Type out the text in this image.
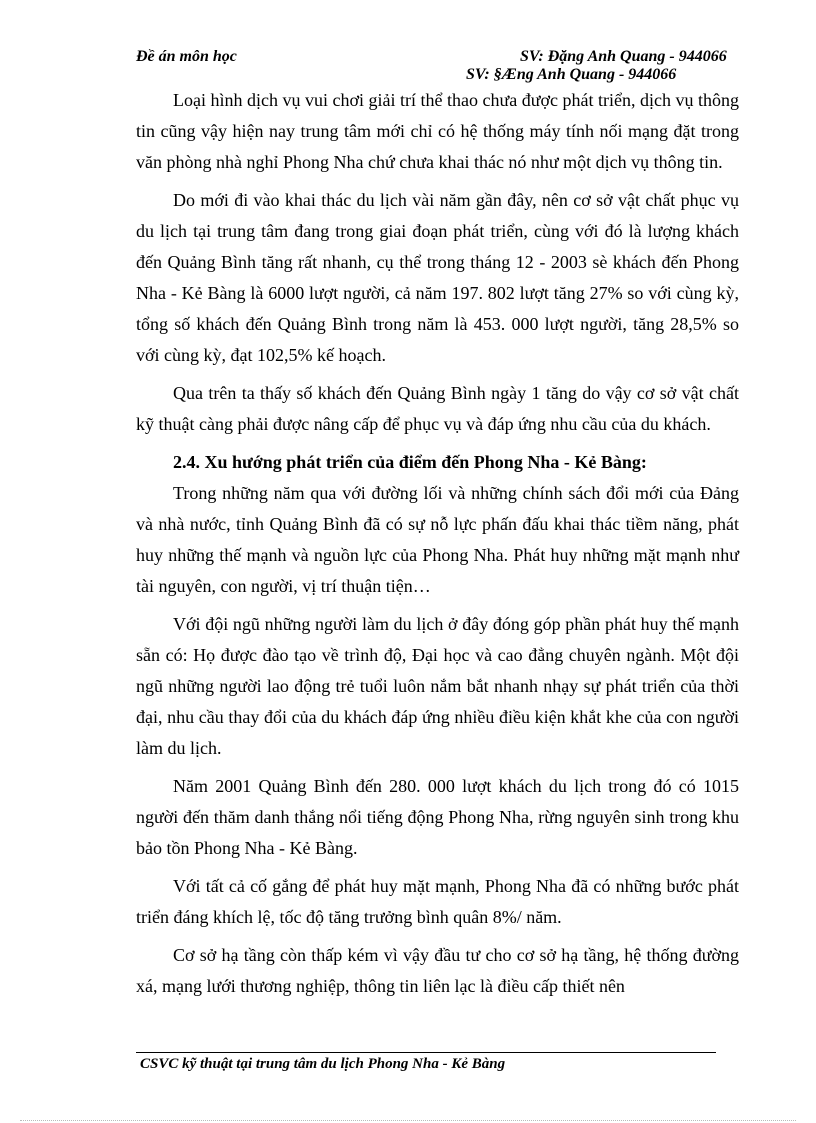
Đề án môn học	SV: Đặng Anh Quang - 944066
SV: §Æng Anh Quang - 944066

Loại hình dịch vụ vui chơi giải trí thể thao chưa được phát triển, dịch vụ thông tin cũng vậy hiện nay trung tâm mới chỉ có hệ thống máy tính nối mạng đặt trong văn phòng nhà nghỉ Phong Nha chứ chưa khai thác nó như một dịch vụ thông tin.

Do mới đi vào khai thác du lịch vài năm gần đây, nên cơ sở vật chất phục vụ du lịch tại trung tâm đang trong giai đoạn phát triển, cùng với đó là lượng khách đến Quảng Bình tăng rất nhanh, cụ thể trong tháng 12 - 2003 sè khách đến Phong Nha - Kẻ Bàng là 6000 lượt người, cả năm 197. 802 lượt tăng 27% so với cùng kỳ, tổng số khách đến Quảng Bình trong năm là 453. 000 lượt người, tăng 28,5% so với cùng kỳ, đạt 102,5% kế hoạch.

Qua trên ta thấy số khách đến Quảng Bình ngày 1 tăng do vậy cơ sở vật chất kỹ thuật càng phải được nâng cấp để phục vụ và đáp ứng nhu cầu của du khách.

2.4. Xu hướng phát triển của điểm đến Phong Nha - Kẻ Bàng:

Trong những năm qua với đường lối và những chính sách đổi mới của Đảng và nhà nước, tỉnh Quảng Bình đã có sự nỗ lực phấn đấu khai thác tiềm năng, phát huy những thế mạnh và nguồn lực của Phong Nha. Phát huy những mặt mạnh như tài nguyên, con người, vị trí thuận tiện…

Với đội ngũ những người làm du lịch ở đây đóng góp phần phát huy thế mạnh sẵn có: Họ được đào tạo về trình độ, Đại học và cao đẳng chuyên ngành. Một đội ngũ những người lao động trẻ tuổi luôn nắm bắt nhanh nhạy sự phát triển của thời đại, nhu cầu thay đổi của du khách đáp ứng nhiều điều kiện khắt khe của con người làm du lịch.

Năm 2001 Quảng Bình đến 280. 000 lượt khách du lịch trong đó có 1015 người đến thăm danh thắng nổi tiếng động Phong Nha, rừng nguyên sinh trong khu bảo tồn Phong Nha - Kẻ Bàng.

Với tất cả cố gắng để phát huy mặt mạnh, Phong Nha đã có những bước phát triển đáng khích lệ, tốc độ tăng trưởng bình quân 8%/ năm.

Cơ sở hạ tầng còn thấp kém vì vậy đầu tư cho cơ sở hạ tầng, hệ thống đường xá, mạng lưới thương nghiệp, thông tin liên lạc là điều cấp thiết nên

CSVC kỹ thuật tại trung tâm du lịch Phong Nha - Kẻ Bàng
